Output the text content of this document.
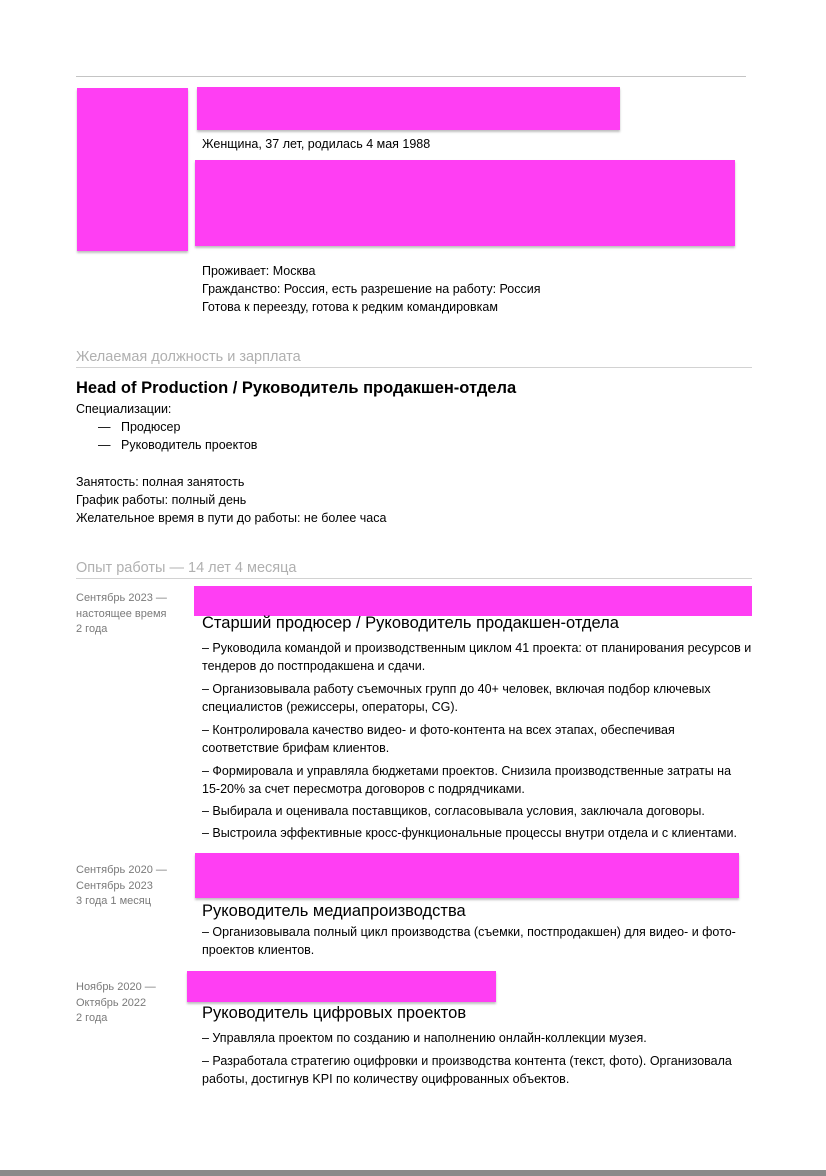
Женщина, 37 лет, родилась 4 мая 1988
Проживает: Москва
Гражданство: Россия, есть разрешение на работу: Россия
Готова к переезду, готова к редким командировкам
Желаемая должность и зарплата
Head of Production / Руководитель продакшен-отдела
Специализации:
— Продюсер
— Руководитель проектов
Занятость: полная занятость
График работы: полный день
Желательное время в пути до работы: не более часа
Опыт работы — 14 лет 4 месяца
Сентябрь 2023 —
настоящее время
2 года	Старший продюсер / Руководитель продакшен-отдела
– Руководила командой и производственным циклом 41 проекта: от планирования ресурсов и тендеров до постпродакшена и сдачи.
– Организовывала работу съемочных групп до 40+ человек, включая подбор ключевых специалистов (режиссеры, операторы, CG).
– Контролировала качество видео- и фото-контента на всех этапах, обеспечивая соответствие брифам клиентов.
– Формировала и управляла бюджетами проектов. Снизила производственные затраты на 15-20% за счет пересмотра договоров с подрядчиками.
– Выбирала и оценивала поставщиков, согласовывала условия, заключала договоры.
– Выстроила эффективные кросс-функциональные процессы внутри отдела и с клиентами.
Сентябрь 2020 —
Сентябрь 2023
3 года 1 месяц
Руководитель медиапроизводства
– Организовывала полный цикл производства (съемки, постпродакшен) для видео- и фото-проектов клиентов.
Ноябрь 2020 —
Октябрь 2022
2 года	Руководитель цифровых проектов
– Управляла проектом по созданию и наполнению онлайн-коллекции музея.
– Разработала стратегию оцифровки и производства контента (текст, фото). Организовала работы, достигнув KPI по количеству оцифрованных объектов.
